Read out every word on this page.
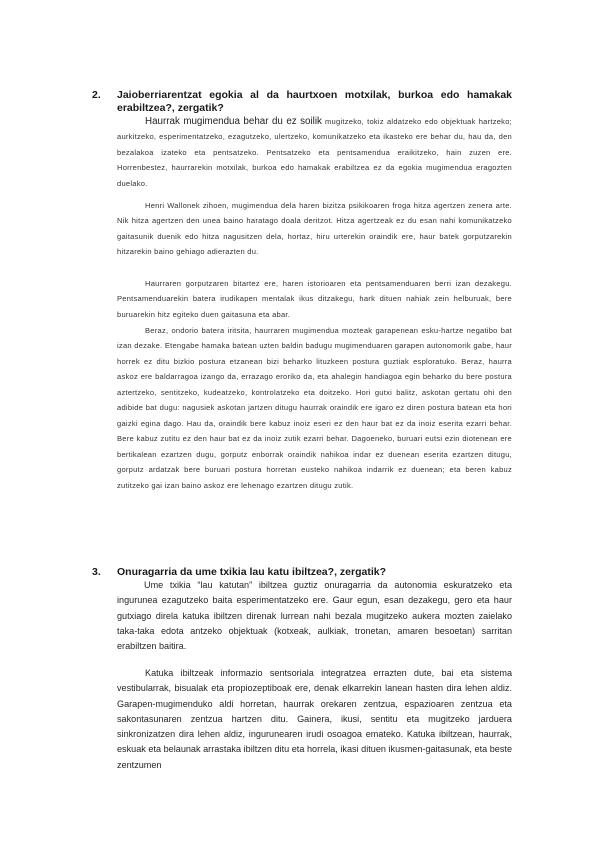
2.	Jaioberriarentzat egokia al da haurtxoen motxilak, burkoa edo hamakak erabiltzea?, zergatik?

Haurrak mugimendua behar du ez soilik mugitzeko, tokiz aldatzeko edo objektuak hartzeko; aurkitzeko, esperimentatzeko, ezagutzeko, ulertzeko, komunikatzeko eta ikasteko ere behar du, hau da, den bezalakoa izateko eta pentsatzeko. Pentsatzeko eta pentsamendua eraikitzeko, hain zuzen ere. Horrenbestez, haurrarekin motxilak, burkoa edo hamakak erabiltzea ez da egokia mugimendua eragozten duelako.

Henri Wallonek zihoen, mugimendua dela haren bizitza psikikoaren froga hitza agertzen zenera arte. Nik hitza agertzen den unea baino haratago doala deritzot. Hitza agertzeak ez du esan nahi komunikatzeko gaitasunik duenik edo hitza nagusitzen dela, hortaz, hiru urterekin oraindik ere, haur batek gorputzarekin hitzarekin baino gehiago adierazten du.

Haurraren gorputzaren bitartez ere, haren istorioaren eta pentsamenduaren berri izan dezakegu. Pentsamenduarekin batera irudikapen mentalak ikus ditzakegu, hark dituen nahiak zein helburuak, bere buruarekin hitz egiteko duen gaitasuna eta abar.

Beraz, ondorio batera iritsita, haurraren mugimendua mozteak garapenean esku-hartze negatibo bat izan dezake. Etengabe hamaka batean uzten baldin badugu mugimenduaren garapen autonomorik gabe, haur horrek ez ditu bizkio postura etzanean bizi beharko lituzkeen postura guztiak esploratuko. Beraz, haurra askoz ere baldarragoa izango da, errazago eroriko da, eta ahalegin handiagoa egin beharko du bere postura aztertzeko, sentitzeko, kudeatzeko, kontrolatzeko eta doitzeko. Hori gutxi balitz, askotan gertatu ohi den adibide bat dugu: nagusiek askotan jartzen ditugu haurrak oraindik ere igaro ez diren postura batean eta hori gaizki egina dago. Hau da, oraindik bere kabuz inoiz eseri ez den haur bat ez da inoiz eserita ezarri behar. Bere kabuz zutitu ez den haur bat ez da inoiz zutik ezarri behar. Dagoeneko, buruari eutsi ezin diotenean ere bertikalean ezartzen dugu, gorputz enborrak oraindik nahikoa indar ez duenean eserita ezartzen ditugu, gorputz ardatzak bere buruari postura horretan eusteko nahikoa indarrik ez duenean; eta beren kabuz zutitzeko gai izan baino askoz ere lehenago ezartzen ditugu zutik.

3.	Onuragarria da ume txikia lau katu ibiltzea?, zergatik?

Ume txikia “lau katutan” ibiltzea guztiz onuragarria da autonomia eskuratzeko eta ingurunea ezagutzeko baita esperimentatzeko ere. Gaur egun, esan dezakegu, gero eta haur gutxiago direla katuka ibiltzen direnak lurrean nahi bezala mugitzeko aukera mozten zaielako taka-taka edota antzeko objektuak (kotxeak, aulkiak, tronetan, amaren besoetan) sarritan erabiltzen baitira.

Katuka ibiltzeak informazio sentsoriala integratzea errazten dute, bai eta sistema vestibularrak, bisualak eta propiozeptiboak ere, denak elkarrekin lanean hasten dira lehen aldiz. Garapen-mugimenduko aldi horretan, haurrak orekaren zentzua, espazioaren zentzua eta sakontasunaren zentzua hartzen ditu. Gainera, ikusi, sentitu eta mugitzeko jarduera sinkronizatzen dira lehen aldiz, ingurunearen irudi osoagoa emateko. Katuka ibiltzean, haurrak, eskuak eta belaunak arrastaka ibiltzen ditu eta horrela, ikasi dituen ikusmen-gaitasunak, eta beste zentzumen
